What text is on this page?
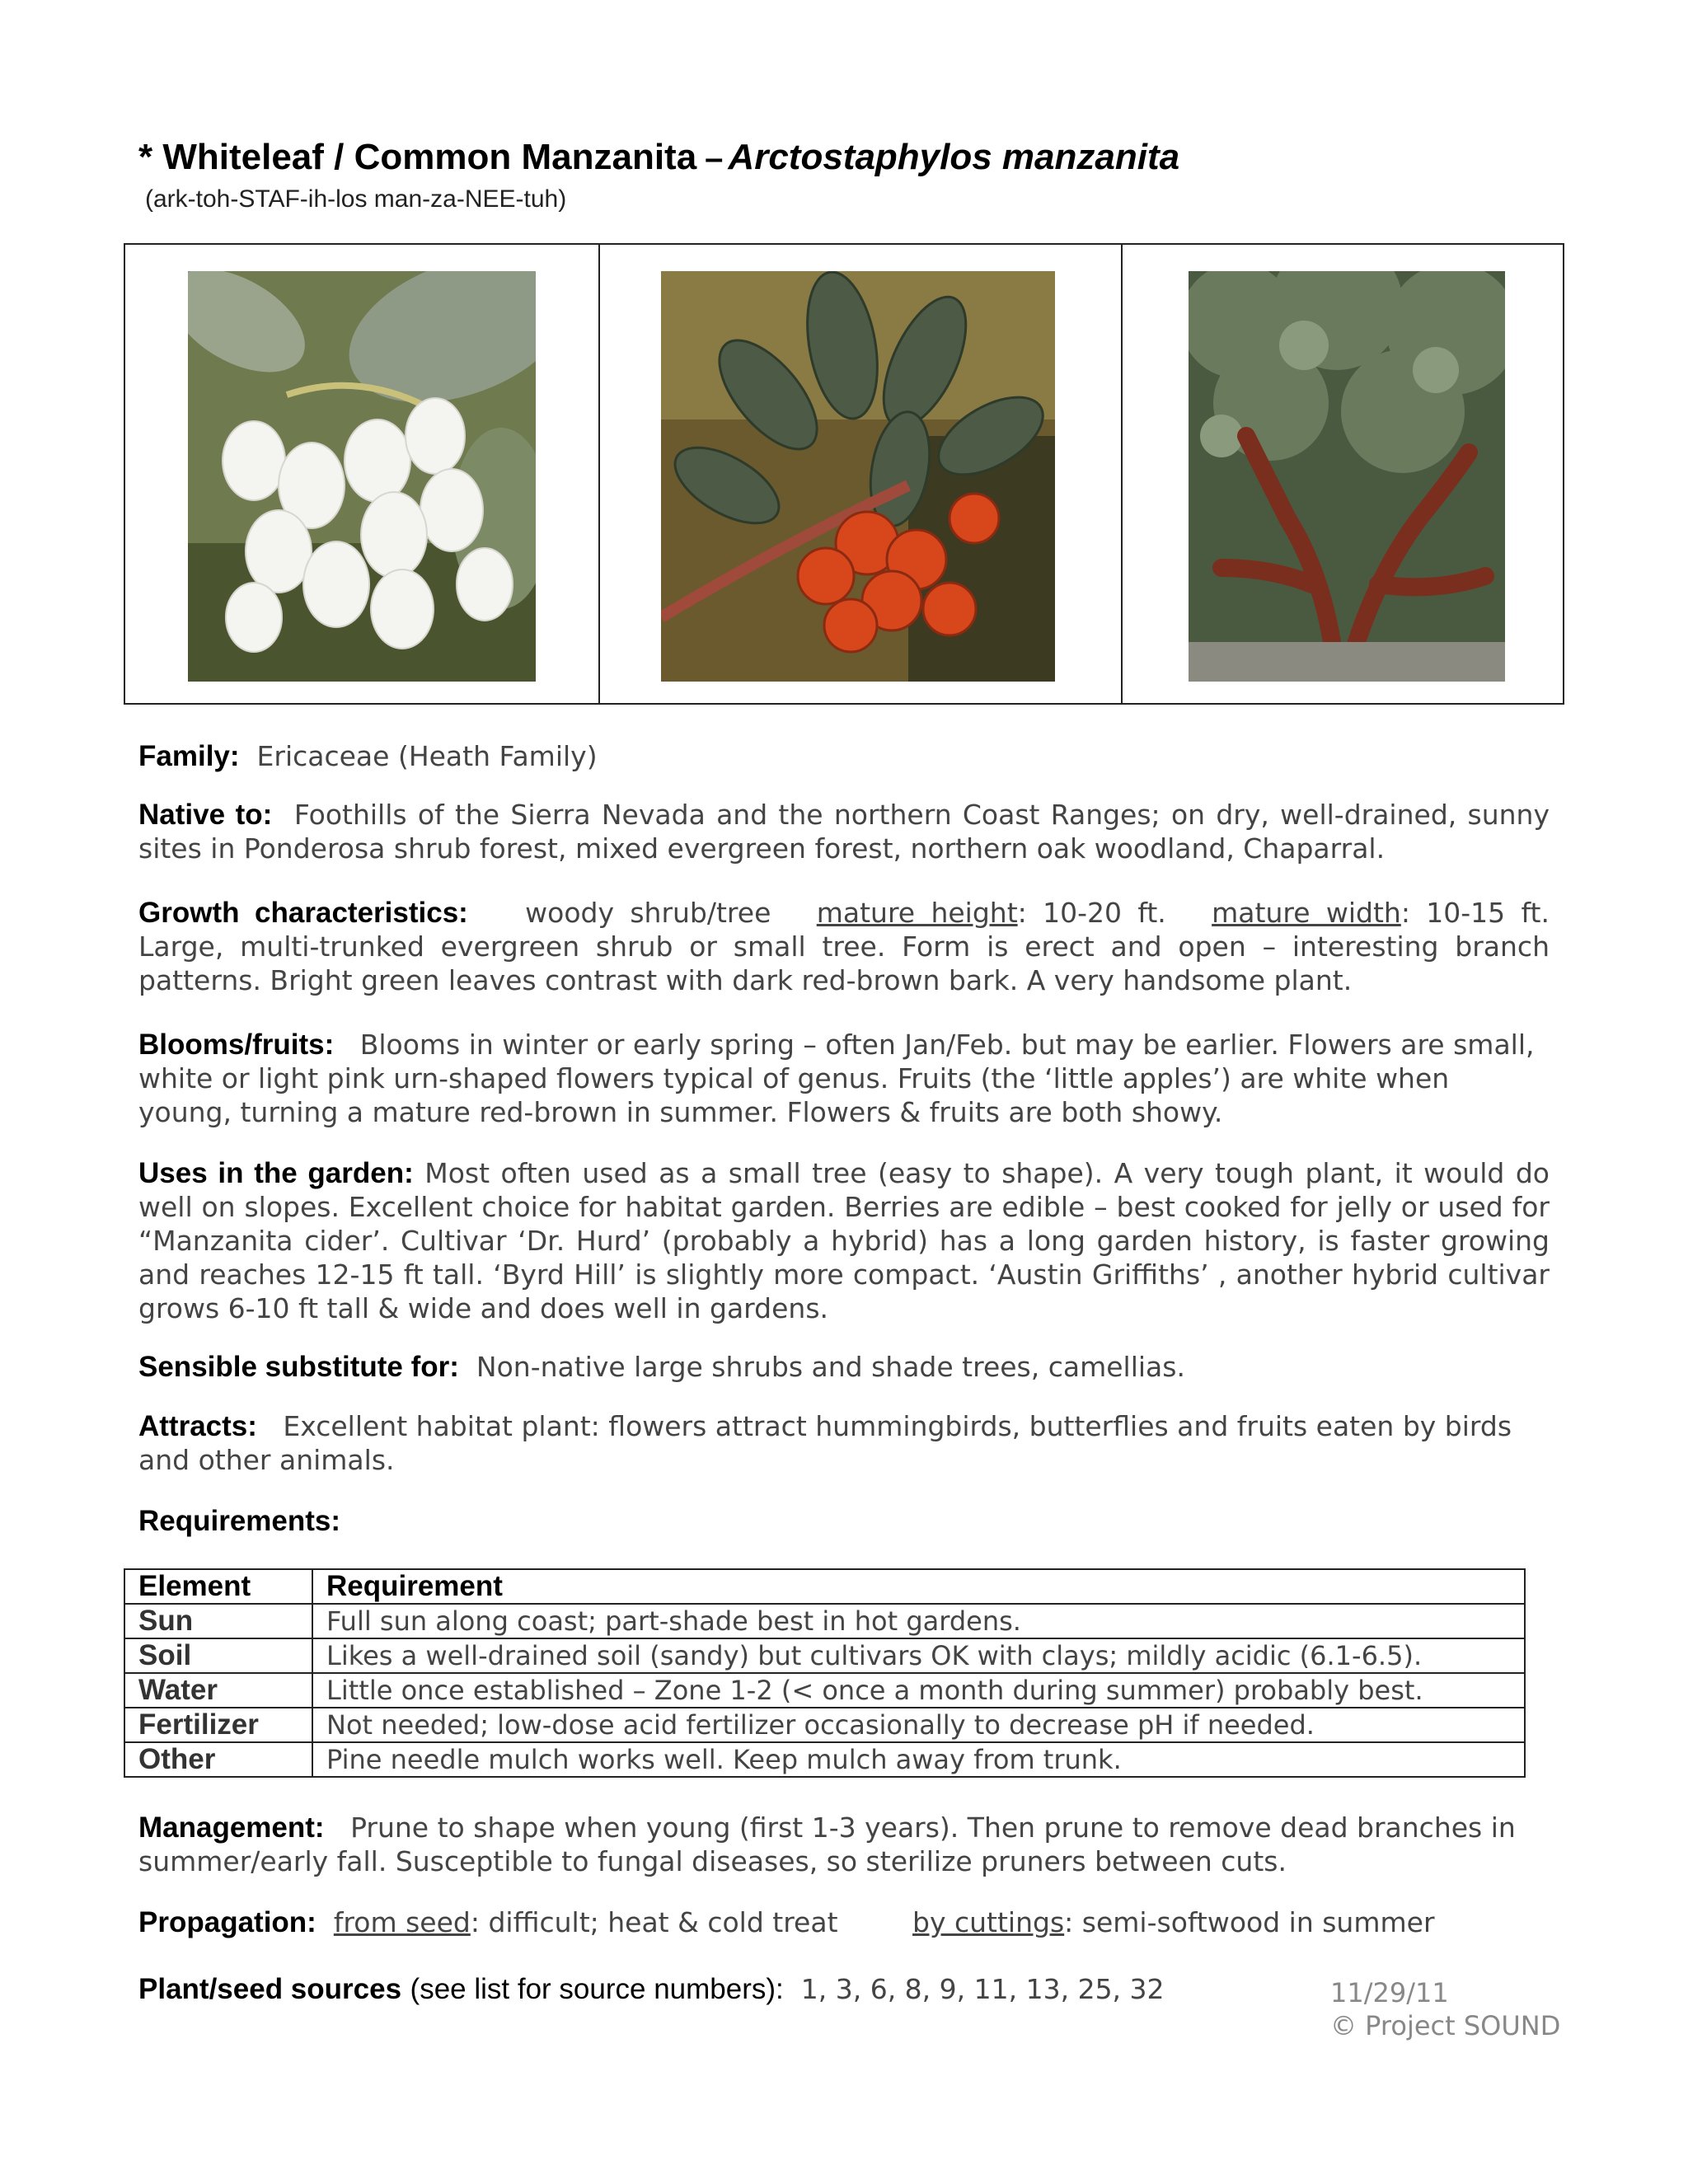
* Whiteleaf / Common Manzanita – Arctostaphylos manzanita
(ark-toh-STAF-ih-los man-za-NEE-tuh)
Family: Ericaceae (Heath Family)
Native to: Foothills of the Sierra Nevada and the northern Coast Ranges; on dry, well-drained, sunny sites in Ponderosa shrub forest, mixed evergreen forest, northern oak woodland, Chaparral.
Growth characteristics: woody shrub/tree mature height: 10-20 ft. mature width: 10-15 ft. Large, multi-trunked evergreen shrub or small tree. Form is erect and open – interesting branch patterns. Bright green leaves contrast with dark red-brown bark. A very handsome plant.
Blooms/fruits: Blooms in winter or early spring – often Jan/Feb. but may be earlier. Flowers are small, white or light pink urn-shaped flowers typical of genus. Fruits (the ‘little apples’) are white when young, turning a mature red-brown in summer. Flowers & fruits are both showy.
Uses in the garden: Most often used as a small tree (easy to shape). A very tough plant, it would do well on slopes. Excellent choice for habitat garden. Berries are edible – best cooked for jelly or used for “Manzanita cider’. Cultivar ‘Dr. Hurd’ (probably a hybrid) has a long garden history, is faster growing and reaches 12-15 ft tall. ‘Byrd Hill’ is slightly more compact. ‘Austin Griffiths’ , another hybrid cultivar grows 6-10 ft tall & wide and does well in gardens.
Sensible substitute for: Non-native large shrubs and shade trees, camellias.
Attracts: Excellent habitat plant: flowers attract hummingbirds, butterflies and fruits eaten by birds and other animals.
Requirements:
Element	Requirement
Sun	Full sun along coast; part-shade best in hot gardens.
Soil	Likes a well-drained soil (sandy) but cultivars OK with clays; mildly acidic (6.1-6.5).
Water	Little once established – Zone 1-2 (< once a month during summer) probably best.
Fertilizer	Not needed; low-dose acid fertilizer occasionally to decrease pH if needed.
Other	Pine needle mulch works well. Keep mulch away from trunk.
Management: Prune to shape when young (first 1-3 years). Then prune to remove dead branches in summer/early fall. Susceptible to fungal diseases, so sterilize pruners between cuts.
Propagation: from seed: difficult; heat & cold treat	by cuttings: semi-softwood in summer
Plant/seed sources (see list for source numbers): 1, 3, 6, 8, 9, 11, 13, 25, 32	11/29/11
© Project SOUND
